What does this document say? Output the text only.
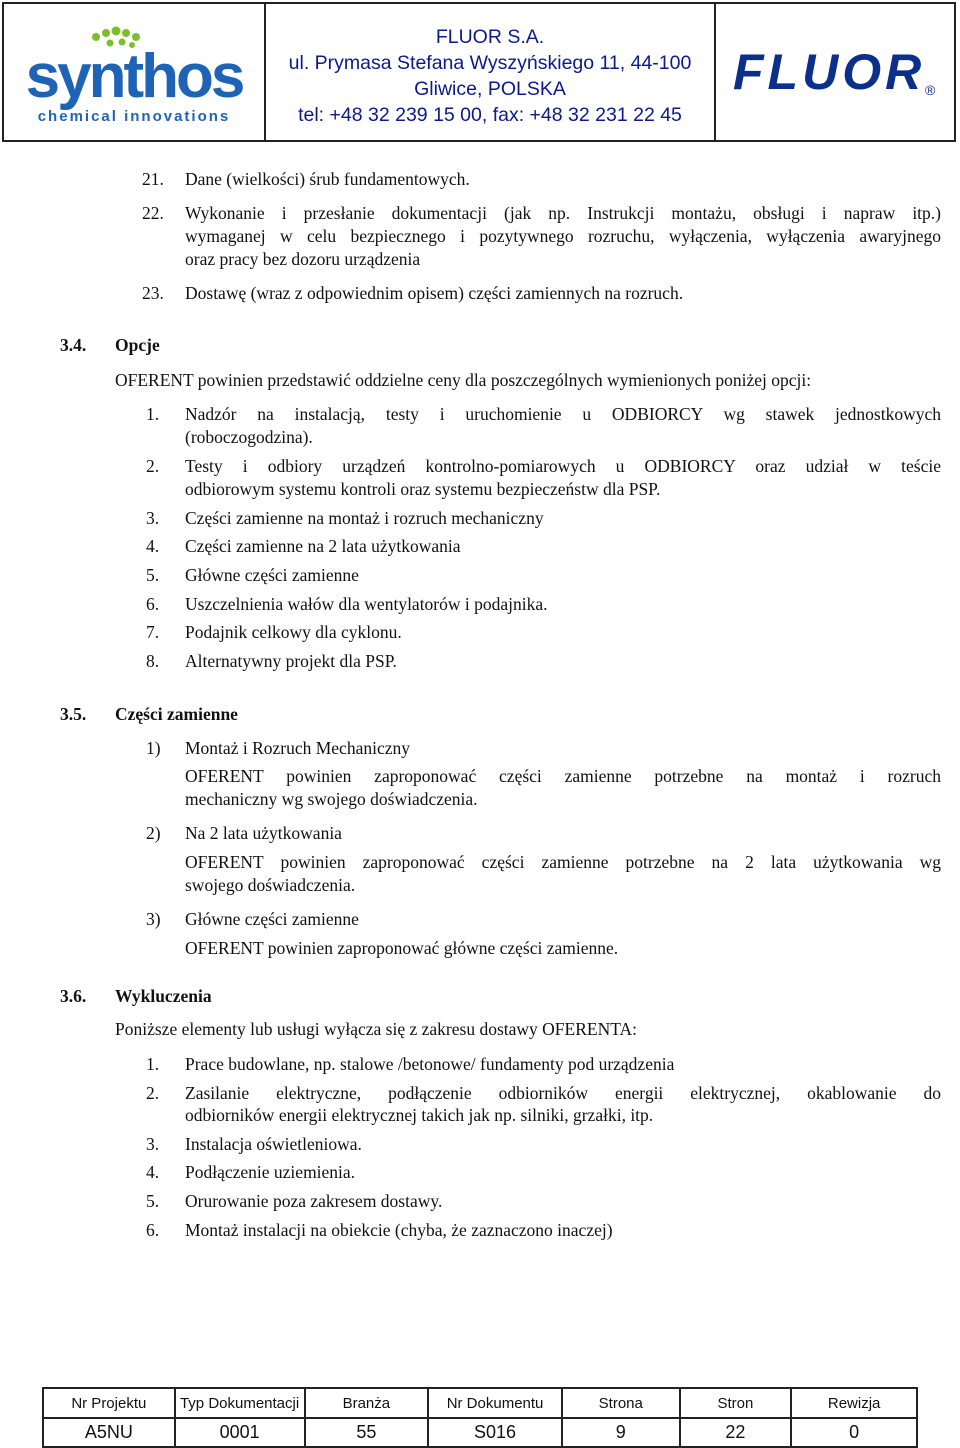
synthos
chemical innovations
FLUOR S.A.
ul. Prymasa Stefana Wyszyńskiego 11, 44-100
Gliwice, POLSKA
tel: +48 32 239 15 00, fax: +48 32 231 22 45
FLUOR ®
21. Dane (wielkości) śrub fundamentowych.
22. Wykonanie i przesłanie dokumentacji (jak np. Instrukcji montażu, obsługi i napraw itp.)
wymaganej w celu bezpiecznego i pozytywnego rozruchu, wyłączenia, wyłączenia awaryjnego
oraz pracy bez dozoru urządzenia
23. Dostawę (wraz z odpowiednim opisem) części zamiennych na rozruch.
3.4. Opcje
OFERENT powinien przedstawić oddzielne ceny dla poszczególnych wymienionych poniżej opcji:
1. Nadzór na instalacją, testy i uruchomienie u ODBIORCY wg stawek jednostkowych
(roboczogodzina).
2. Testy i odbiory urządzeń kontrolno-pomiarowych u ODBIORCY oraz udział w teście
odbiorowym systemu kontroli oraz systemu bezpieczeństw dla PSP.
3. Części zamienne na montaż i rozruch mechaniczny
4. Części zamienne na 2 lata użytkowania
5. Główne części zamienne
6. Uszczelnienia wałów dla wentylatorów i podajnika.
7. Podajnik celkowy dla cyklonu.
8. Alternatywny projekt dla PSP.
3.5. Części zamienne
1) Montaż i Rozruch Mechaniczny
OFERENT powinien zaproponować części zamienne potrzebne na montaż i rozruch
mechaniczny wg swojego doświadczenia.
2) Na 2 lata użytkowania
OFERENT powinien zaproponować części zamienne potrzebne na 2 lata użytkowania wg
swojego doświadczenia.
3) Główne części zamienne
OFERENT powinien zaproponować główne części zamienne.
3.6. Wykluczenia
Poniższe elementy lub usługi wyłącza się z zakresu dostawy OFERENTA:
1. Prace budowlane, np. stalowe /betonowe/ fundamenty pod urządzenia
2. Zasilanie elektryczne, podłączenie odbiorników energii elektrycznej, okablowanie do
odbiorników energii elektrycznej takich jak np. silniki, grzałki, itp.
3. Instalacja oświetleniowa.
4. Podłączenie uziemienia.
5. Orurowanie poza zakresem dostawy.
6. Montaż instalacji na obiekcie (chyba, że zaznaczono inaczej)
Nr Projektu	Typ Dokumentacji	Branża	Nr Dokumentu	Strona	Stron	Rewizja
A5NU	0001	55	S016	9	22	0
